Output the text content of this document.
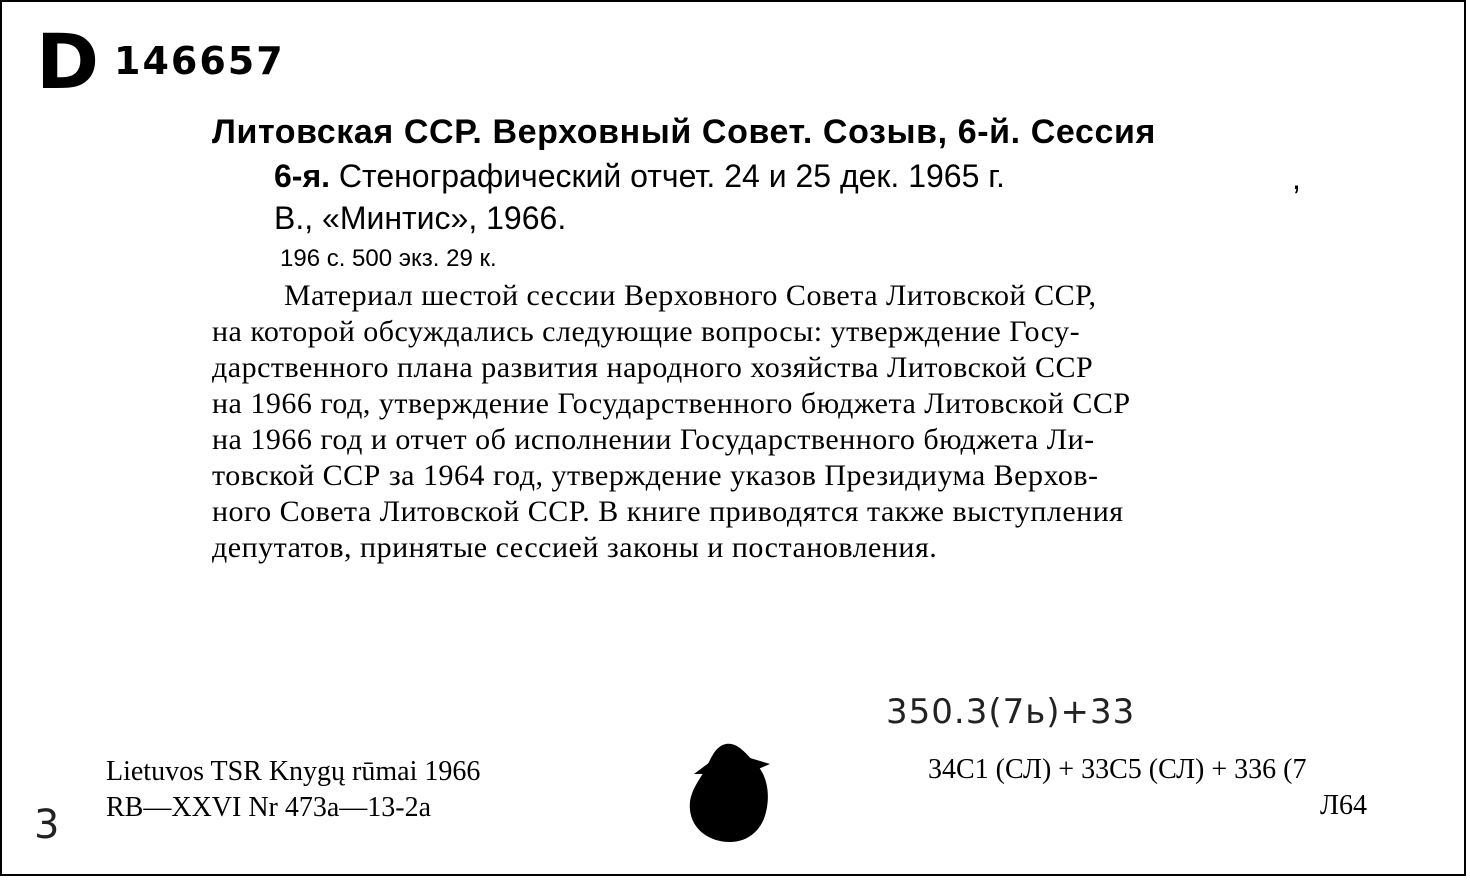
D 146657
Литовская ССР. Верховный Совет. Созыв, 6-й. Сессия
6-я. Стенографический отчет. 24 и 25 дек. 1965 г.	,
В., «Минтис», 1966.
196 с. 500 экз. 29 к.
Материал шестой сессии Верховного Совета Литовской ССР,
на которой обсуждались следующие вопросы: утверждение Госу-
дарственного плана развития народного хозяйства Литовской ССР
на 1966 год, утверждение Государственного бюджета Литовской ССР
на 1966 год и отчет об исполнении Государственного бюджета Ли-
товской ССР за 1964 год, утверждение указов Президиума Верхов-
ного Совета Литовской ССР. В книге приводятся также выступления
депутатов, принятые сессией законы и постановления.
Lietuvos TSR Knygų rūmai 1966
RB—XXVI Nr 473a—13-2a
350.3(7ь)+33
34С1 (СЛ) + 33С5 (СЛ) + 336 (7
Л64
3
